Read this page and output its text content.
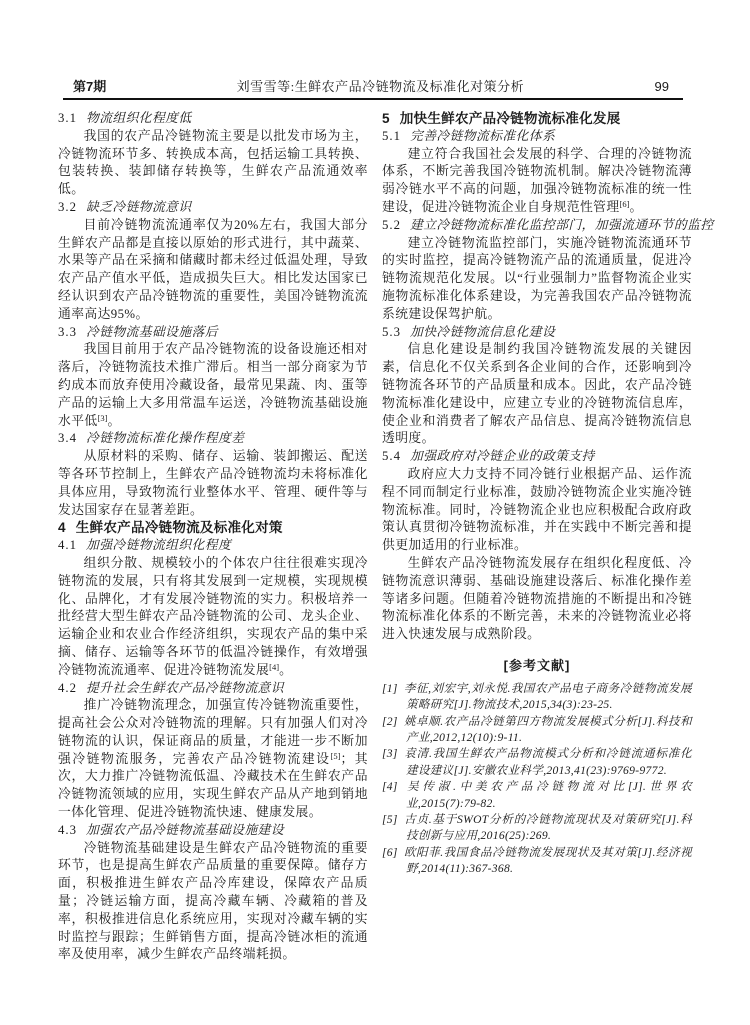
第7期	刘雪雪等:生鲜农产品冷链物流及标准化对策分析	99
3.1 物流组织化程度低

我国的农产品冷链物流主要是以批发市场为主，冷链物流环节多、转换成本高，包括运输工具转换、包装转换、装卸储存转换等，生鲜农产品流通效率低。

3.2 缺乏冷链物流意识

目前冷链物流流通率仅为20%左右，我国大部分生鲜农产品都是直接以原始的形式进行，其中蔬菜、水果等产品在采摘和储藏时都未经过低温处理，导致农产品产值水平低，造成损失巨大。相比发达国家已经认识到农产品冷链物流的重要性，美国冷链物流流通率高达95%。

3.3 冷链物流基础设施落后

我国目前用于农产品冷链物流的设备设施还相对落后，冷链物流技术推广滞后。相当一部分商家为节约成本而放弃使用冷藏设备，最常见果蔬、肉、蛋等产品的运输上大多用常温车运送，冷链物流基础设施水平低[3]。

3.4 冷链物流标准化操作程度差

从原材料的采购、储存、运输、装卸搬运、配送等各环节控制上，生鲜农产品冷链物流均未将标准化具体应用，导致物流行业整体水平、管理、硬件等与发达国家存在显著差距。

4 生鲜农产品冷链物流及标准化对策
4.1 加强冷链物流组织化程度

组织分散、规模较小的个体农户往往很难实现冷链物流的发展，只有将其发展到一定规模，实现规模化、品牌化，才有发展冷链物流的实力。积极培养一批经营大型生鲜农产品冷链物流的公司、龙头企业、运输企业和农业合作经济组织，实现农产品的集中采摘、储存、运输等各环节的低温冷链操作，有效增强冷链物流流通率、促进冷链物流发展[4]。

4.2 提升社会生鲜农产品冷链物流意识

推广冷链物流理念，加强宣传冷链物流重要性，提高社会公众对冷链物流的理解。只有加强人们对冷链物流的认识，保证商品的质量，才能进一步不断加强冷链物流服务，完善农产品冷链物流建设[5]；其次，大力推广冷链物流低温、冷藏技术在生鲜农产品冷链物流领域的应用，实现生鲜农产品从产地到销地一体化管理、促进冷链物流快速、健康发展。

4.3 加强农产品冷链物流基础设施建设

冷链物流基础建设是生鲜农产品冷链物流的重要环节，也是提高生鲜农产品质量的重要保障。储存方面，积极推进生鲜农产品冷库建设，保障农产品质量；冷链运输方面，提高冷藏车辆、冷藏箱的普及率，积极推进信息化系统应用，实现对冷藏车辆的实时监控与跟踪；生鲜销售方面，提高冷链冰柜的流通率及使用率，减少生鲜农产品终端耗损。

5 加快生鲜农产品冷链物流标准化发展
5.1 完善冷链物流标准化体系

建立符合我国社会发展的科学、合理的冷链物流体系，不断完善我国冷链物流机制。解决冷链物流薄弱冷链水平不高的问题，加强冷链物流标准的统一性建设，促进冷链物流企业自身规范性管理[6]。

5.2 建立冷链物流标准化监控部门，加强流通环节的监控

建立冷链物流监控部门，实施冷链物流流通环节的实时监控，提高冷链物流产品的流通质量，促进冷链物流规范化发展。以“行业强制力”监督物流企业实施物流标准化体系建设，为完善我国农产品冷链物流系统建设保驾护航。

5.3 加快冷链物流信息化建设

信息化建设是制约我国冷链物流发展的关键因素，信息化不仅关系到各企业间的合作，还影响到冷链物流各环节的产品质量和成本。因此，农产品冷链物流标准化建设中，应建立专业的冷链物流信息库，使企业和消费者了解农产品信息、提高冷链物流信息透明度。

5.4 加强政府对冷链企业的政策支持

政府应大力支持不同冷链行业根据产品、运作流程不同而制定行业标准，鼓励冷链物流企业实施冷链物流标准。同时，冷链物流企业也应积极配合政府政策认真贯彻冷链物流标准，并在实践中不断完善和提供更加适用的行业标准。

生鲜农产品冷链物流发展存在组织化程度低、冷链物流意识薄弱、基础设施建设落后、标准化操作差等诸多问题。但随着冷链物流措施的不断提出和冷链物流标准化体系的不断完善，未来的冷链物流业必将进入快速发展与成熟阶段。

[参考文献]
[1] 李征,刘宏宇,刘永悦.我国农产品电子商务冷链物流发展策略研究[J].物流技术,2015,34(3):23-25.
[2] 姚卓顺.农产品冷链第四方物流发展模式分析[J].科技和产业,2012,12(10):9-11.
[3] 袁清.我国生鲜农产品物流模式分析和冷链流通标准化建设建议[J].安徽农业科学,2013,41(23):9769-9772.
[4] 吴传淑.中美农产品冷链物流对比[J].世界农业,2015(7):79-82.
[5] 古贞.基于SWOT分析的冷链物流现状及对策研究[J].科技创新与应用,2016(25):269.
[6] 欧阳菲.我国食品冷链物流发展现状及其对策[J].经济视野,2014(11):367-368.
